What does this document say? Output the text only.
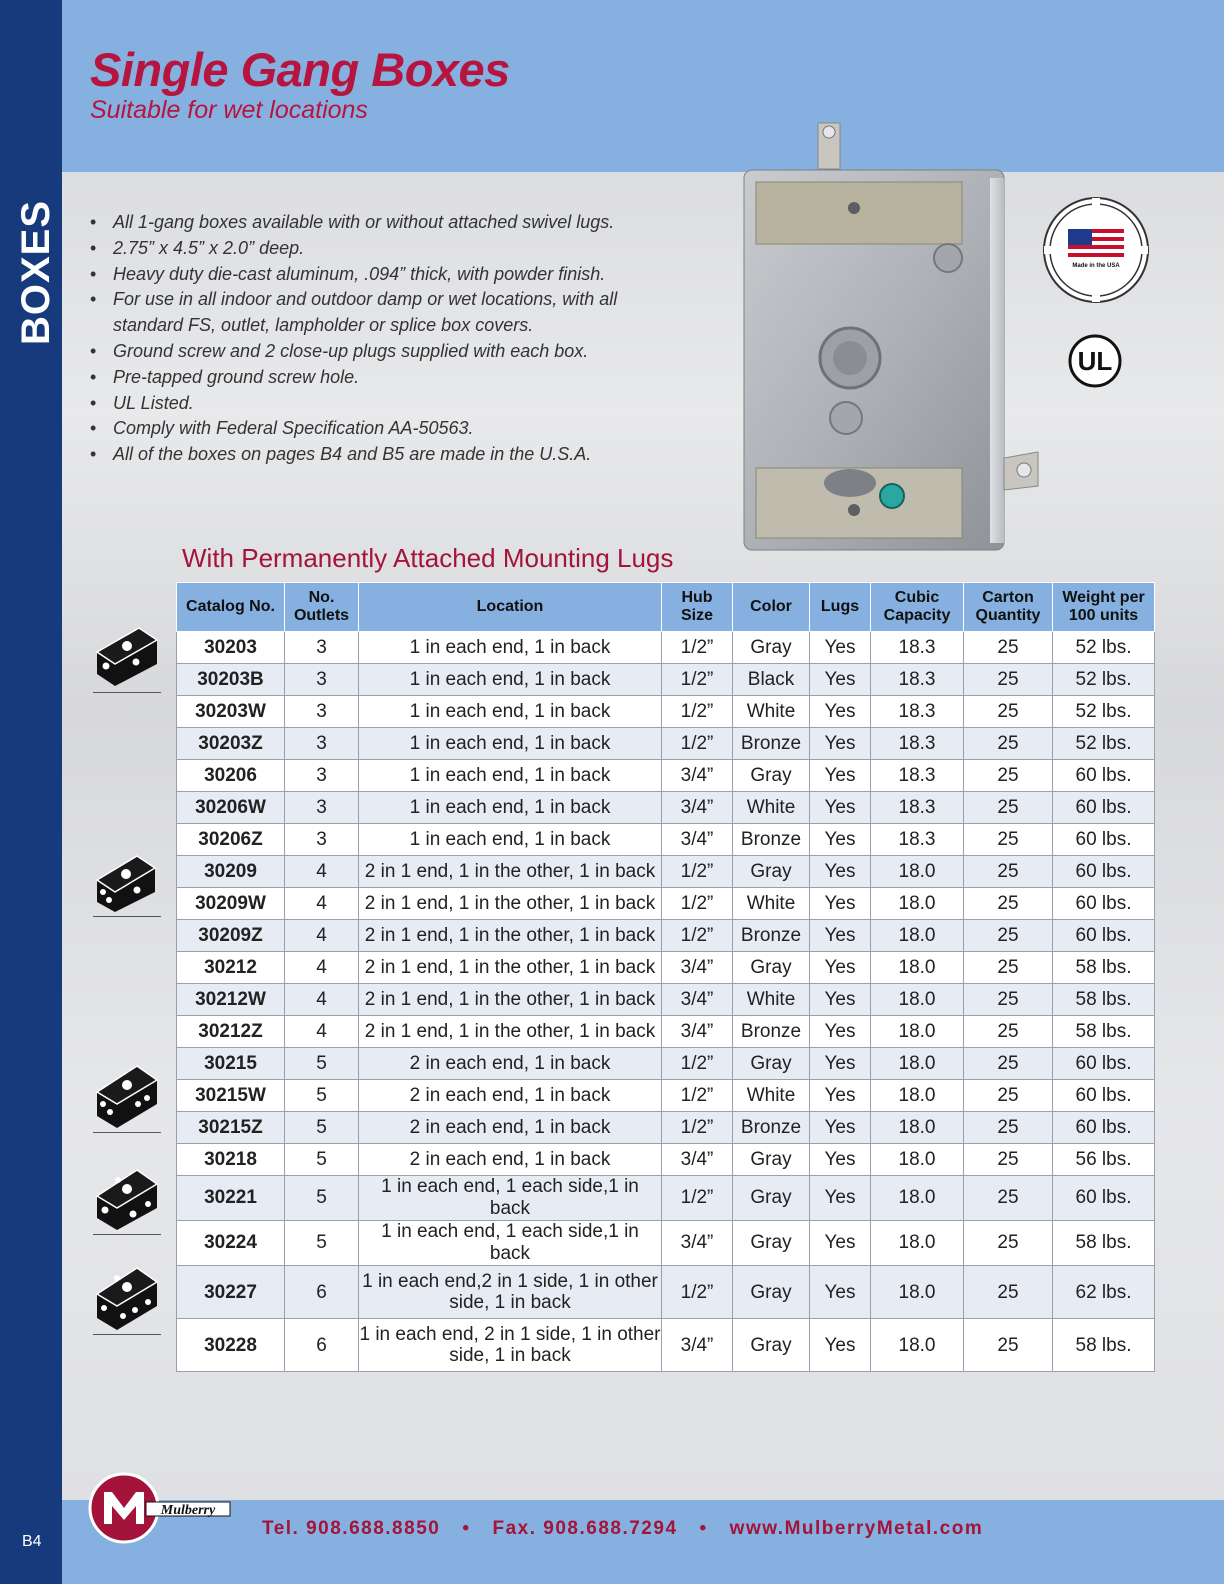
B4
Single Gang Boxes
Suitable for wet locations
• All 1-gang boxes available with or without attached swivel lugs.
• 2.75” x 4.5” x 2.0” deep.
• Heavy duty die-cast aluminum, .094” thick, with powder finish.
• For use in all indoor and outdoor damp or wet locations, with all standard FS, outlet, lampholder or splice box covers.
• Ground screw and 2 close-up plugs supplied with each box.
• Pre-tapped ground screw hole.
• UL Listed.
• Comply with Federal Specification AA-50563.
• All of the boxes on pages B4 and B5 are made in the U.S.A.
Made in the USA
UL
With Permanently Attached Mounting Lugs
Catalog No.	No. Outlets	Location	Hub Size	Color	Lugs	Cubic Capacity	Carton Quantity	Weight per 100 units
30203	3	1 in each end, 1 in back	1/2”	Gray	Yes	18.3	25	52 lbs.
30203B	3	1 in each end, 1 in back	1/2”	Black	Yes	18.3	25	52 lbs.
30203W	3	1 in each end, 1 in back	1/2”	White	Yes	18.3	25	52 lbs.
30203Z	3	1 in each end, 1 in back	1/2”	Bronze	Yes	18.3	25	52 lbs.
30206	3	1 in each end, 1 in back	3/4”	Gray	Yes	18.3	25	60 lbs.
30206W	3	1 in each end, 1 in back	3/4”	White	Yes	18.3	25	60 lbs.
30206Z	3	1 in each end, 1 in back	3/4”	Bronze	Yes	18.3	25	60 lbs.
30209	4	2 in 1 end, 1 in the other, 1 in back	1/2”	Gray	Yes	18.0	25	60 lbs.
30209W	4	2 in 1 end, 1 in the other, 1 in back	1/2”	White	Yes	18.0	25	60 lbs.
30209Z	4	2 in 1 end, 1 in the other, 1 in back	1/2”	Bronze	Yes	18.0	25	60 lbs.
30212	4	2 in 1 end, 1 in the other, 1 in back	3/4”	Gray	Yes	18.0	25	58 lbs.
30212W	4	2 in 1 end, 1 in the other, 1 in back	3/4”	White	Yes	18.0	25	58 lbs.
30212Z	4	2 in 1 end, 1 in the other, 1 in back	3/4”	Bronze	Yes	18.0	25	58 lbs.
30215	5	2 in each end, 1 in back	1/2”	Gray	Yes	18.0	25	60 lbs.
30215W	5	2 in each end, 1 in back	1/2”	White	Yes	18.0	25	60 lbs.
30215Z	5	2 in each end, 1 in back	1/2”	Bronze	Yes	18.0	25	60 lbs.
30218	5	2 in each end, 1 in back	3/4”	Gray	Yes	18.0	25	56 lbs.
30221	5	1 in each end, 1 each side,1 in back	1/2”	Gray	Yes	18.0	25	60 lbs.
30224	5	1 in each end, 1 each side,1 in back	3/4”	Gray	Yes	18.0	25	58 lbs.
30227	6	1 in each end,2 in 1 side, 1 in other side, 1 in back	1/2”	Gray	Yes	18.0	25	62 lbs.
30228	6	1 in each end, 2 in 1 side, 1 in other side, 1 in back	3/4”	Gray	Yes	18.0	25	58 lbs.
Mulberry
Tel. 908.688.8850 • Fax. 908.688.7294 • www.MulberryMetal.com
